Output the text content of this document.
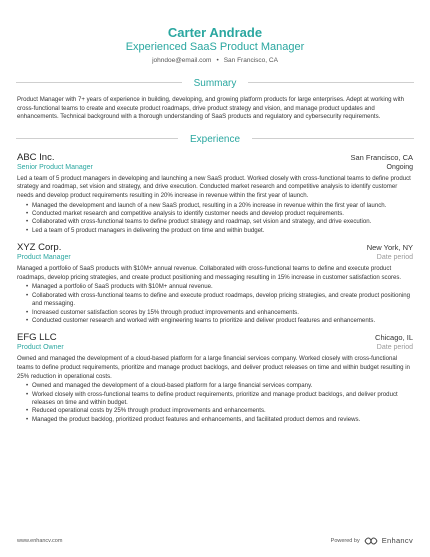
Carter Andrade
Experienced SaaS Product Manager
johndoe@email.com • San Francisco, CA
Summary
Product Manager with 7+ years of experience in building, developing, and growing platform products for large enterprises. Adept at working with cross-functional teams to create and execute product roadmaps, drive product strategy and vision, and manage product updates and enhancements. Technical background with a thorough understanding of SaaS products and regulatory and cybersecurity requirements.
Experience
ABC Inc.	San Francisco, CA
Senior Product Manager	Ongoing
Led a team of 5 product managers in developing and launching a new SaaS product. Worked closely with cross-functional teams to define product strategy and roadmap, set vision and strategy, and drive execution. Conducted market research and competitive analysis to identify customer needs and develop product requirements resulting in 20% increase in revenue within the first year of launch.
• Managed the development and launch of a new SaaS product, resulting in a 20% increase in revenue within the first year of launch.
• Conducted market research and competitive analysis to identify customer needs and develop product requirements.
• Collaborated with cross-functional teams to define product strategy and roadmap, set vision and strategy, and drive execution.
• Led a team of 5 product managers in delivering the product on time and within budget.
XYZ Corp.	New York, NY
Product Manager	Date period
Managed a portfolio of SaaS products with $10M+ annual revenue. Collaborated with cross-functional teams to define and execute product roadmaps, develop pricing strategies, and create product positioning and messaging resulting in 15% increase in customer satisfaction scores.
• Managed a portfolio of SaaS products with $10M+ annual revenue.
• Collaborated with cross-functional teams to define and execute product roadmaps, develop pricing strategies, and create product positioning and messaging.
• Increased customer satisfaction scores by 15% through product improvements and enhancements.
• Conducted customer research and worked with engineering teams to prioritize and deliver product features and enhancements.
EFG LLC	Chicago, IL
Product Owner	Date period
Owned and managed the development of a cloud-based platform for a large financial services company. Worked closely with cross-functional teams to define product requirements, prioritize and manage product backlogs, and deliver product releases on time and within budget resulting in 25% reduction in operational costs.
• Owned and managed the development of a cloud-based platform for a large financial services company.
• Worked closely with cross-functional teams to define product requirements, prioritize and manage product backlogs, and deliver product releases on time and within budget.
• Reduced operational costs by 25% through product improvements and enhancements.
• Managed the product backlog, prioritized product features and enhancements, and facilitated product demos and reviews.
www.enhancv.com	Powered by	Enhancv
